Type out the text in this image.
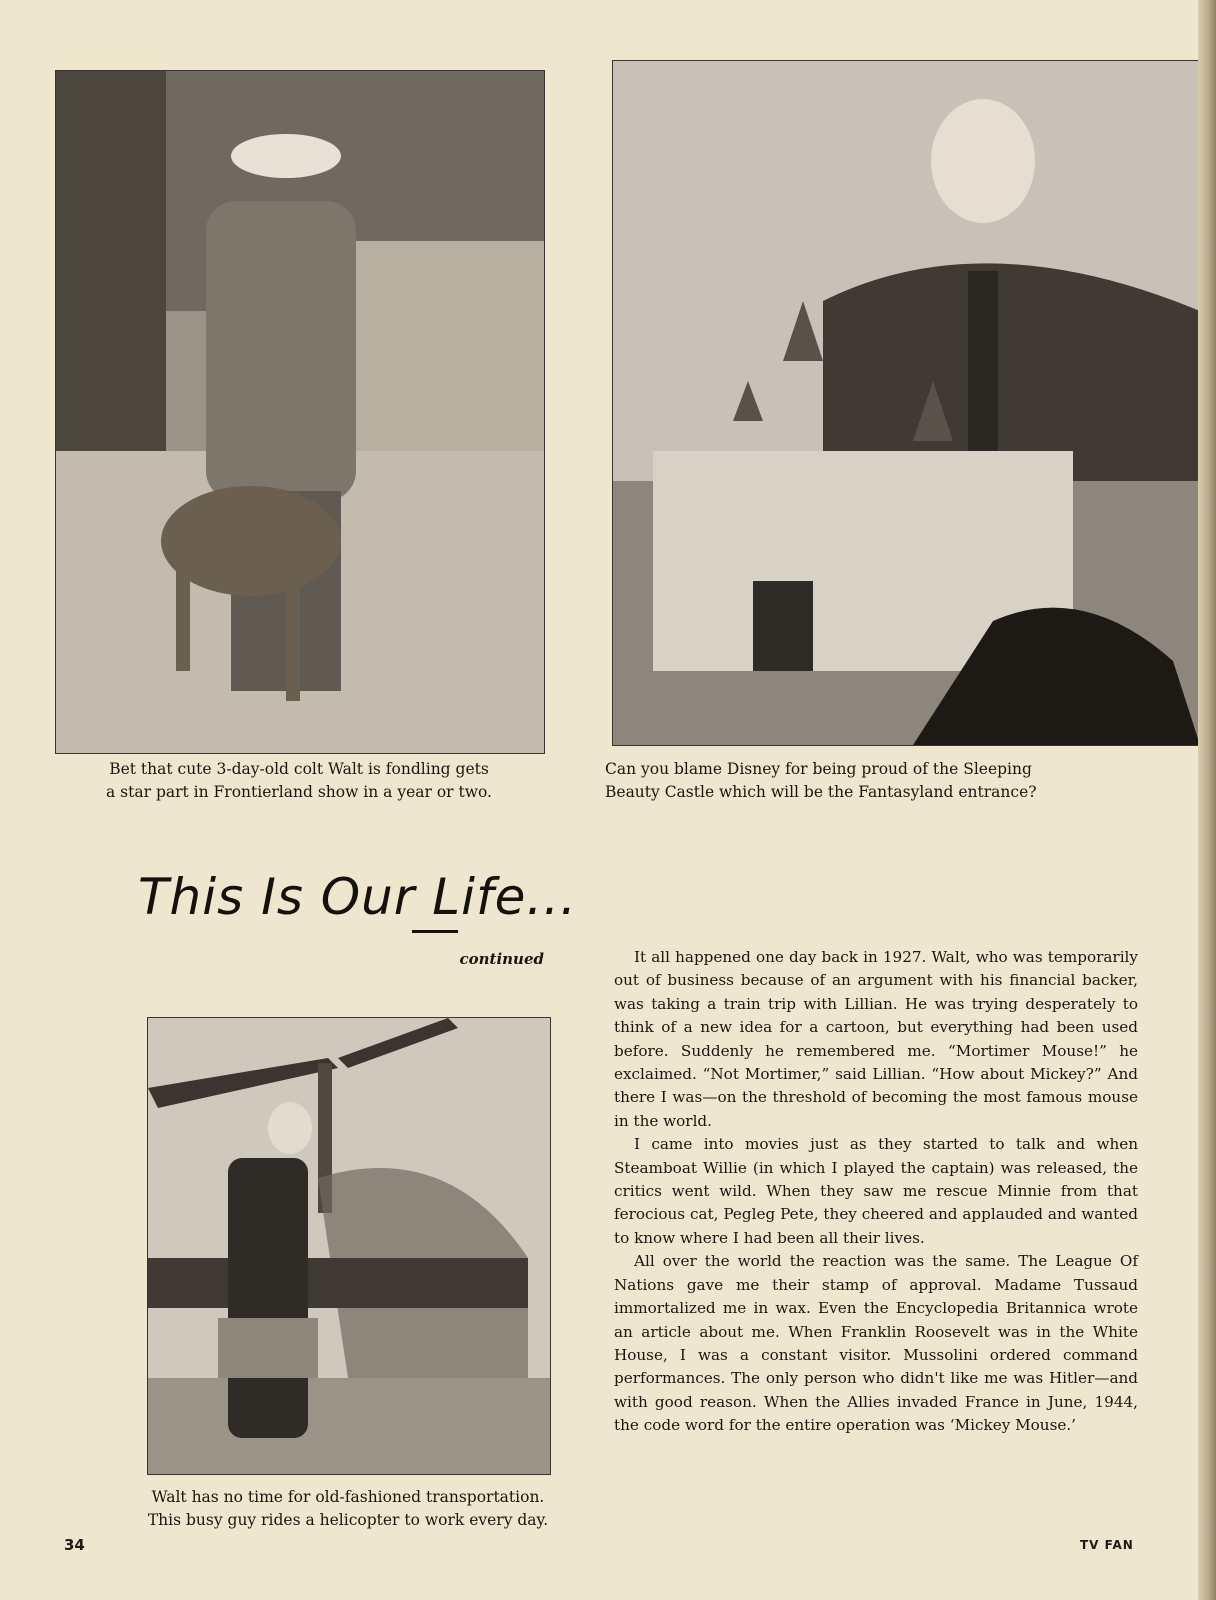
Bet that cute 3-day-old colt Walt is fondling gets
a star part in Frontierland show in a year or two.
Can you blame Disney for being proud of the Sleeping
Beauty Castle which will be the Fantasyland entrance?
This Is Our Life...
continued
Walt has no time for old-fashioned transportation.
This busy guy rides a helicopter to work every day.

It all happened one day back in 1927. Walt, who was temporarily out of business because of an argument with his financial backer, was taking a train trip with Lillian. He was trying desperately to think of a new idea for a cartoon, but everything had been used before. Suddenly he remembered me. “Mortimer Mouse!” he exclaimed. “Not Mortimer,” said Lillian. “How about Mickey?” And there I was—on the threshold of becoming the most famous mouse in the world.

I came into movies just as they started to talk and when Steamboat Willie (in which I played the captain) was released, the critics went wild. When they saw me rescue Minnie from that ferocious cat, Pegleg Pete, they cheered and applauded and wanted to know where I had been all their lives.

All over the world the reaction was the same. The League Of Nations gave me their stamp of approval. Madame Tussaud immortalized me in wax. Even the Encyclopedia Britannica wrote an article about me. When Franklin Roosevelt was in the White House, I was a constant visitor. Mussolini ordered command performances. The only person who didn't like me was Hitler—and with good reason. When the Allies invaded France in June, 1944, the code word for the entire operation was ‘Mickey Mouse.’

34	TV FAN
